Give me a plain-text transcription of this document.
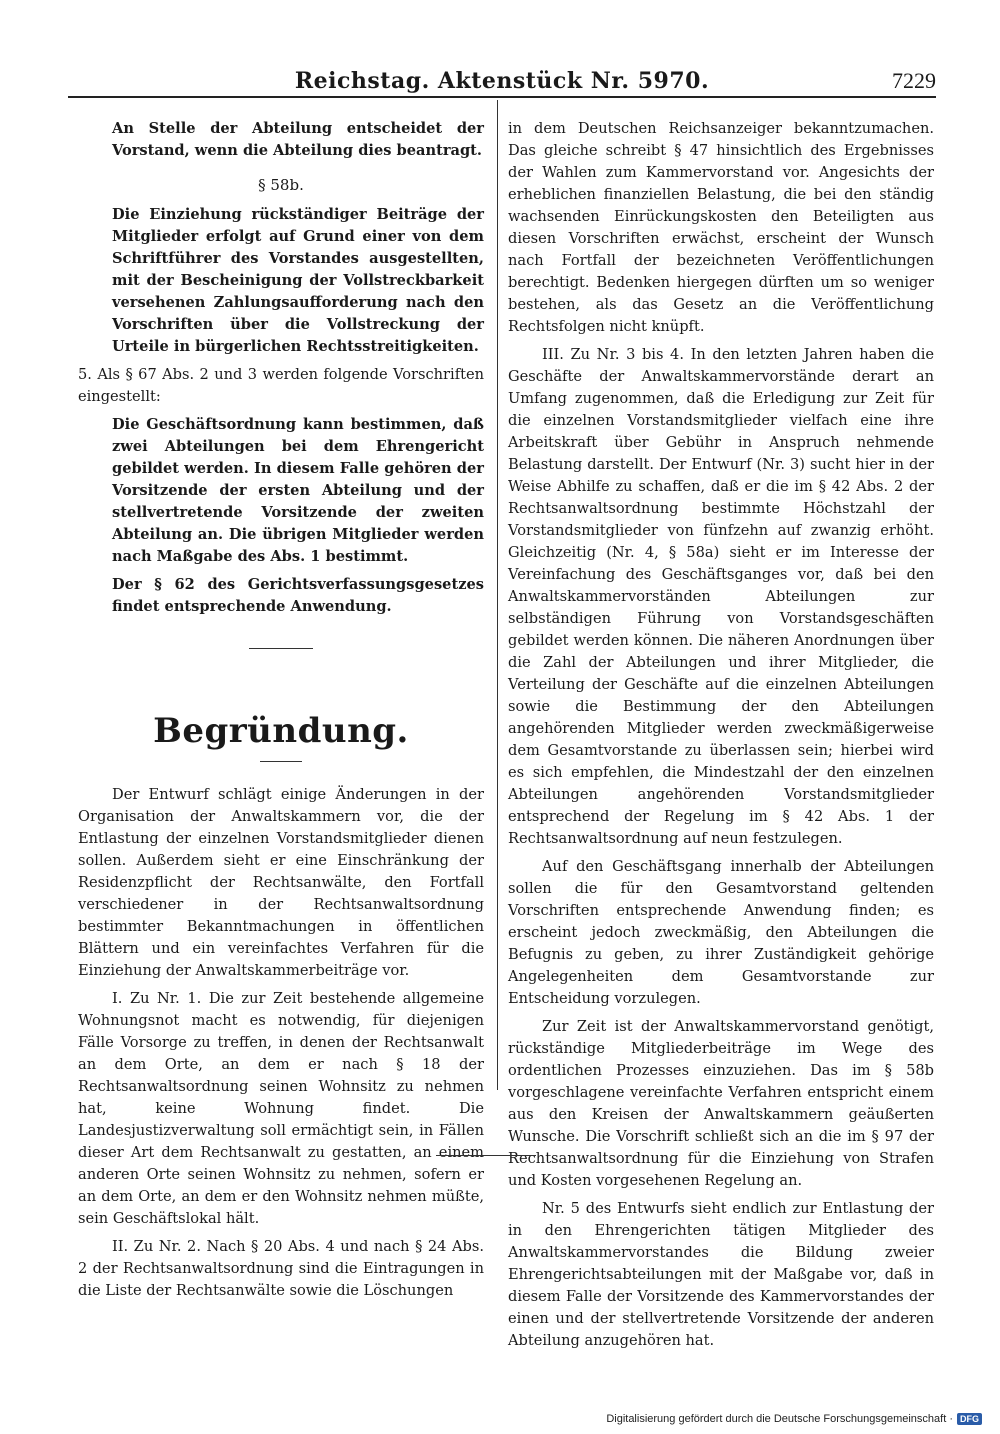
Reichstag. Aktenstück Nr. 5970.	7229

An Stelle der Abteilung entscheidet der Vorstand, wenn die Abteilung dies beantragt.

§ 58b.

Die Einziehung rückständiger Beiträge der Mitglieder erfolgt auf Grund einer von dem Schriftführer des Vorstandes ausgestellten, mit der Bescheinigung der Vollstreckbarkeit versehenen Zahlungsaufforderung nach den Vorschriften über die Vollstreckung der Urteile in bürgerlichen Rechtsstreitigkeiten.

5. Als § 67 Abs. 2 und 3 werden folgende Vorschriften eingestellt:

Die Geschäftsordnung kann bestimmen, daß zwei Abteilungen bei dem Ehrengericht gebildet werden. In diesem Falle gehören der Vorsitzende der ersten Abteilung und der stellvertretende Vorsitzende der zweiten Abteilung an. Die übrigen Mitglieder werden nach Maßgabe des Abs. 1 bestimmt.

Der § 62 des Gerichtsverfassungsgesetzes findet entsprechende Anwendung.

Begründung.

Der Entwurf schlägt einige Änderungen in der Organisation der Anwaltskammern vor, die der Entlastung der einzelnen Vorstandsmitglieder dienen sollen. Außerdem sieht er eine Einschränkung der Residenzpflicht der Rechtsanwälte, den Fortfall verschiedener in der Rechtsanwaltsordnung bestimmter Bekanntmachungen in öffentlichen Blättern und ein vereinfachtes Verfahren für die Einziehung der Anwaltskammerbeiträge vor.

I. Zu Nr. 1. Die zur Zeit bestehende allgemeine Wohnungsnot macht es notwendig, für diejenigen Fälle Vorsorge zu treffen, in denen der Rechtsanwalt an dem Orte, an dem er nach § 18 der Rechtsanwaltsordnung seinen Wohnsitz zu nehmen hat, keine Wohnung findet. Die Landesjustizverwaltung soll ermächtigt sein, in Fällen dieser Art dem Rechtsanwalt zu gestatten, an einem anderen Orte seinen Wohnsitz zu nehmen, sofern er an dem Orte, an dem er den Wohnsitz nehmen müßte, sein Geschäftslokal hält.

II. Zu Nr. 2. Nach § 20 Abs. 4 und nach § 24 Abs. 2 der Rechtsanwaltsordnung sind die Eintragungen in die Liste der Rechtsanwälte sowie die Löschungen

in dem Deutschen Reichsanzeiger bekanntzumachen. Das gleiche schreibt § 47 hinsichtlich des Ergebnisses der Wahlen zum Kammervorstand vor. Angesichts der erheblichen finanziellen Belastung, die bei den ständig wachsenden Einrückungskosten den Beteiligten aus diesen Vorschriften erwächst, erscheint der Wunsch nach Fortfall der bezeichneten Veröffentlichungen berechtigt. Bedenken hiergegen dürften um so weniger bestehen, als das Gesetz an die Veröffentlichung Rechtsfolgen nicht knüpft.

III. Zu Nr. 3 bis 4. In den letzten Jahren haben die Geschäfte der Anwaltskammervorstände derart an Umfang zugenommen, daß die Erledigung zur Zeit für die einzelnen Vorstandsmitglieder vielfach eine ihre Arbeitskraft über Gebühr in Anspruch nehmende Belastung darstellt. Der Entwurf (Nr. 3) sucht hier in der Weise Abhilfe zu schaffen, daß er die im § 42 Abs. 2 der Rechtsanwaltsordnung bestimmte Höchstzahl der Vorstandsmitglieder von fünfzehn auf zwanzig erhöht. Gleichzeitig (Nr. 4, § 58a) sieht er im Interesse der Vereinfachung des Geschäftsganges vor, daß bei den Anwaltskammervorständen Abteilungen zur selbständigen Führung von Vorstandsgeschäften gebildet werden können. Die näheren Anordnungen über die Zahl der Abteilungen und ihrer Mitglieder, die Verteilung der Geschäfte auf die einzelnen Abteilungen sowie die Bestimmung der den Abteilungen angehörenden Mitglieder werden zweckmäßigerweise dem Gesamtvorstande zu überlassen sein; hierbei wird es sich empfehlen, die Mindestzahl der den einzelnen Abteilungen angehörenden Vorstandsmitglieder entsprechend der Regelung im § 42 Abs. 1 der Rechtsanwaltsordnung auf neun festzulegen.

Auf den Geschäftsgang innerhalb der Abteilungen sollen die für den Gesamtvorstand geltenden Vorschriften entsprechende Anwendung finden; es erscheint jedoch zweckmäßig, den Abteilungen die Befugnis zu geben, zu ihrer Zuständigkeit gehörige Angelegenheiten dem Gesamtvorstande zur Entscheidung vorzulegen.

Zur Zeit ist der Anwaltskammervorstand genötigt, rückständige Mitgliederbeiträge im Wege des ordentlichen Prozesses einzuziehen. Das im § 58b vorgeschlagene vereinfachte Verfahren entspricht einem aus den Kreisen der Anwaltskammern geäußerten Wunsche. Die Vorschrift schließt sich an die im § 97 der Rechtsanwaltsordnung für die Einziehung von Strafen und Kosten vorgesehenen Regelung an.

Nr. 5 des Entwurfs sieht endlich zur Entlastung der in den Ehrengerichten tätigen Mitglieder des Anwaltskammervorstandes die Bildung zweier Ehrengerichtsabteilungen mit der Maßgabe vor, daß in diesem Falle der Vorsitzende des Kammervorstandes der einen und der stellvertretende Vorsitzende der anderen Abteilung anzugehören hat.

Digitalisierung gefördert durch die Deutsche Forschungsgemeinschaft · DFG
